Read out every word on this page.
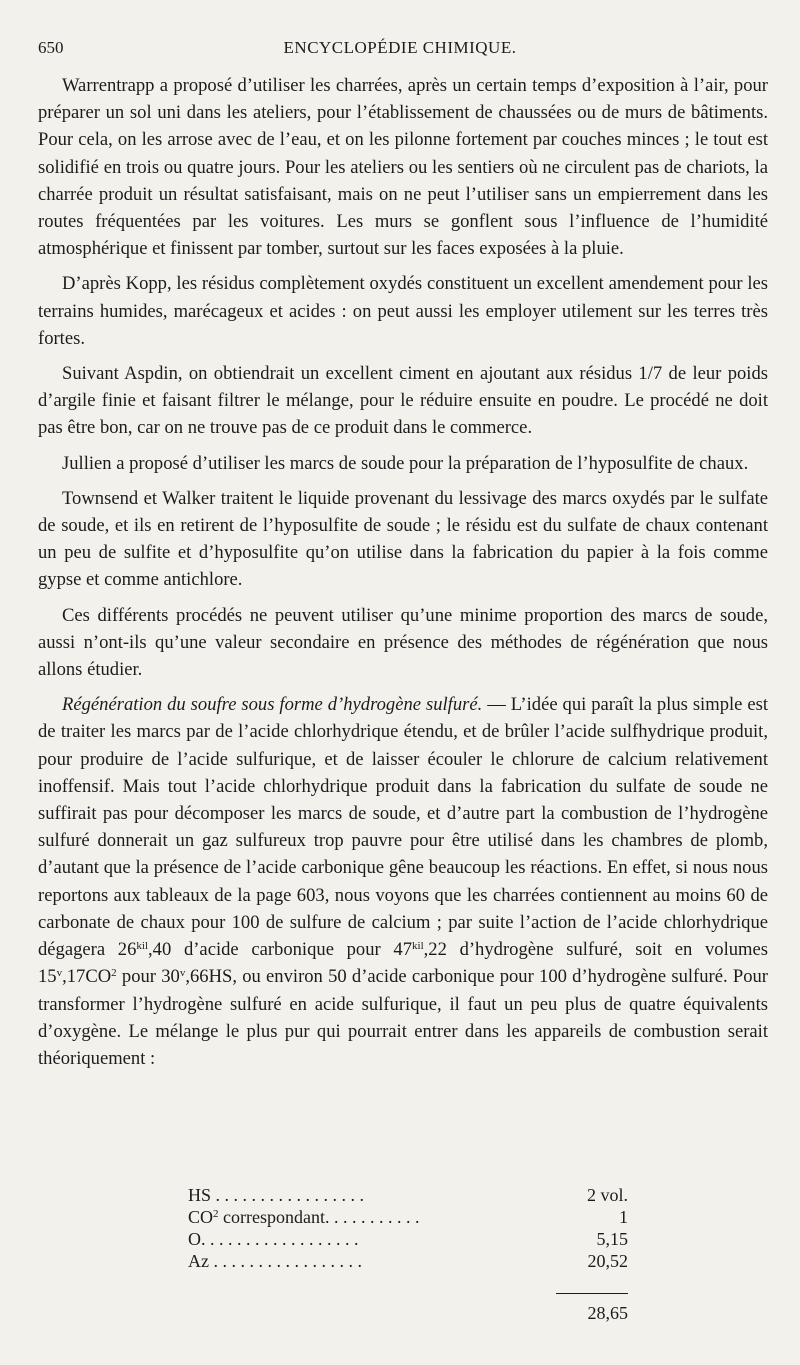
650	ENCYCLOPÉDIE CHIMIQUE.

Warrentrapp a proposé d’utiliser les charrées, après un certain temps d’exposition à l’air, pour préparer un sol uni dans les ateliers, pour l’établissement de chaussées ou de murs de bâtiments. Pour cela, on les arrose avec de l’eau, et on les pilonne fortement par couches minces ; le tout est solidifié en trois ou quatre jours. Pour les ateliers ou les sentiers où ne circulent pas de chariots, la charrée produit un résultat satisfaisant, mais on ne peut l’utiliser sans un empierrement dans les routes fréquentées par les voitures. Les murs se gonflent sous l’influence de l’humidité atmosphérique et finissent par tomber, surtout sur les faces exposées à la pluie.

D’après Kopp, les résidus complètement oxydés constituent un excellent amendement pour les terrains humides, marécageux et acides : on peut aussi les employer utilement sur les terres très fortes.

Suivant Aspdin, on obtiendrait un excellent ciment en ajoutant aux résidus 1/7 de leur poids d’argile finie et faisant filtrer le mélange, pour le réduire ensuite en poudre. Le procédé ne doit pas être bon, car on ne trouve pas de ce produit dans le commerce.

Jullien a proposé d’utiliser les marcs de soude pour la préparation de l’hyposulfite de chaux.

Townsend et Walker traitent le liquide provenant du lessivage des marcs oxydés par le sulfate de soude, et ils en retirent de l’hyposulfite de soude ; le résidu est du sulfate de chaux contenant un peu de sulfite et d’hyposulfite qu’on utilise dans la fabrication du papier à la fois comme gypse et comme antichlore.

Ces différents procédés ne peuvent utiliser qu’une minime proportion des marcs de soude, aussi n’ont-ils qu’une valeur secondaire en présence des méthodes de régénération que nous allons étudier.

Régénération du soufre sous forme d’hydrogène sulfuré. — L’idée qui paraît la plus simple est de traiter les marcs par de l’acide chlorhydrique étendu, et de brûler l’acide sulfhydrique produit, pour produire de l’acide sulfurique, et de laisser écouler le chlorure de calcium relativement inoffensif. Mais tout l’acide chlorhydrique produit dans la fabrication du sulfate de soude ne suffirait pas pour décomposer les marcs de soude, et d’autre part la combustion de l’hydrogène sulfuré donnerait un gaz sulfureux trop pauvre pour être utilisé dans les chambres de plomb, d’autant que la présence de l’acide carbonique gêne beaucoup les réactions. En effet, si nous nous reportons aux tableaux de la page 603, nous voyons que les charrées contiennent au moins 60 de carbonate de chaux pour 100 de sulfure de calcium ; par suite l’action de l’acide chlorhydrique dégagera $26^{kil},40$ d’acide carbonique pour $47^{kil},22$ d’hydrogène sulfuré, soit en volumes $15^v,17CO^2$ pour 30$^v$,66HS, ou environ 50 d’acide carbonique pour 100 d’hydrogène sulfuré. Pour transformer l’hydrogène sulfuré en acide sulfurique, il faut un peu plus de quatre équivalents d’oxygène. Le mélange le plus pur qui pourrait entrer dans les appareils de combustion serait théoriquement :

HS . . . . . . . . . . . . . . . . .	2 vol.
$CO^2$ correspondant. . . . . . . . . . .	1
O. . . . . . . . . . . . . . . . . .	5,15
Az . . . . . . . . . . . . . . . . .	20,52
28,65
